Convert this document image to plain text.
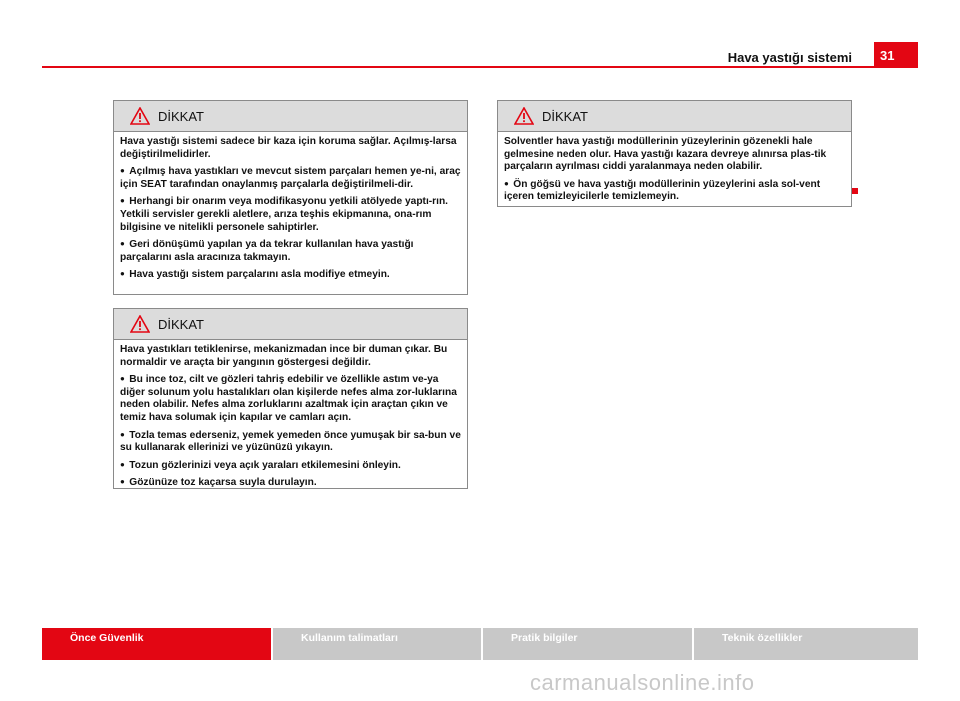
Hava yastığı sistemi	31
DİKKAT

Hava yastığı sistemi sadece bir kaza için koruma sağlar. Açılmış-larsa değiştirilmelidirler.

●  Açılmış hava yastıkları ve mevcut sistem parçaları hemen ye-ni, araç için SEAT tarafından onaylanmış parçalarla değiştirilmeli-dir.

●  Herhangi bir onarım veya modifikasyonu yetkili atölyede yaptı-rın. Yetkili servisler gerekli aletlere, arıza teşhis ekipmanına, ona-rım bilgisine ve nitelikli personele sahiptirler.

●  Geri dönüşümü yapılan ya da tekrar kullanılan hava yastığı parçalarını asla aracınıza takmayın.

●  Hava yastığı sistem parçalarını asla modifiye etmeyin.

DİKKAT

Hava yastıkları tetiklenirse, mekanizmadan ince bir duman çıkar. Bu normaldir ve araçta bir yangının göstergesi değildir.

●  Bu ince toz, cilt ve gözleri tahriş edebilir ve özellikle astım ve-ya diğer solunum yolu hastalıkları olan kişilerde nefes alma zor-luklarına neden olabilir. Nefes alma zorluklarını azaltmak için araçtan çıkın ve temiz hava solumak için kapılar ve camları açın.

●  Tozla temas ederseniz, yemek yemeden önce yumuşak bir sa-bun ve su kullanarak ellerinizi ve yüzünüzü yıkayın.

●  Tozun gözlerinizi veya açık yaraları etkilemesini önleyin.

●  Gözünüze toz kaçarsa suyla durulayın.

DİKKAT

Solventler hava yastığı modüllerinin yüzeylerinin gözenekli hale gelmesine neden olur. Hava yastığı kazara devreye alınırsa plas-tik parçaların ayrılması ciddi yaralanmaya neden olabilir.

●  Ön göğsü ve hava yastığı modüllerinin yüzeylerini asla sol-vent içeren temizleyicilerle temizlemeyin.

Önce Güvenlik	Kullanım talimatları	Pratik bilgiler	Teknik özellikler
carmanualsonline.info
